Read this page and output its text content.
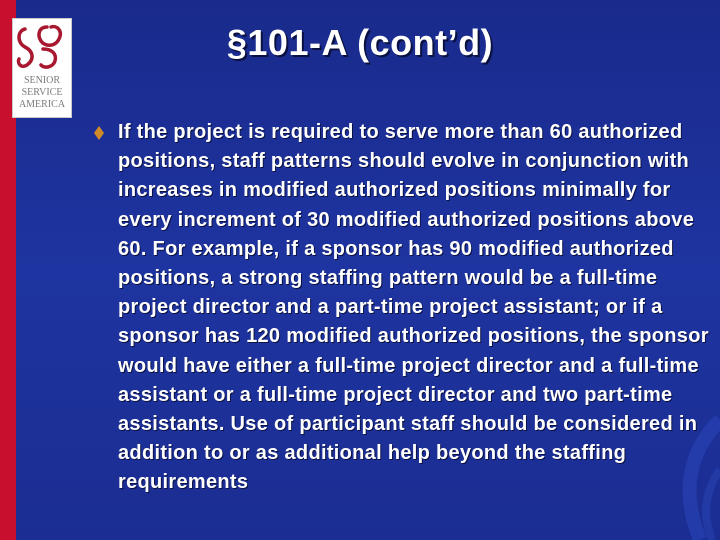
SENIOR
SERVICE
AMERICA
§101-A (cont’d)
If the project is required to serve more than 60 authorized positions, staff patterns should evolve in conjunction with increases in modified authorized positions minimally for every increment of 30 modified authorized positions above 60. For example, if a sponsor has 90 modified authorized positions, a strong staffing pattern would be a full-time project director and a part-time project assistant; or if a sponsor has 120 modified authorized positions, the sponsor would have either a full-time project director and a full-time assistant or a full-time project director and two part-time assistants. Use of participant staff should be considered in addition to or as additional help beyond the staffing requirements
